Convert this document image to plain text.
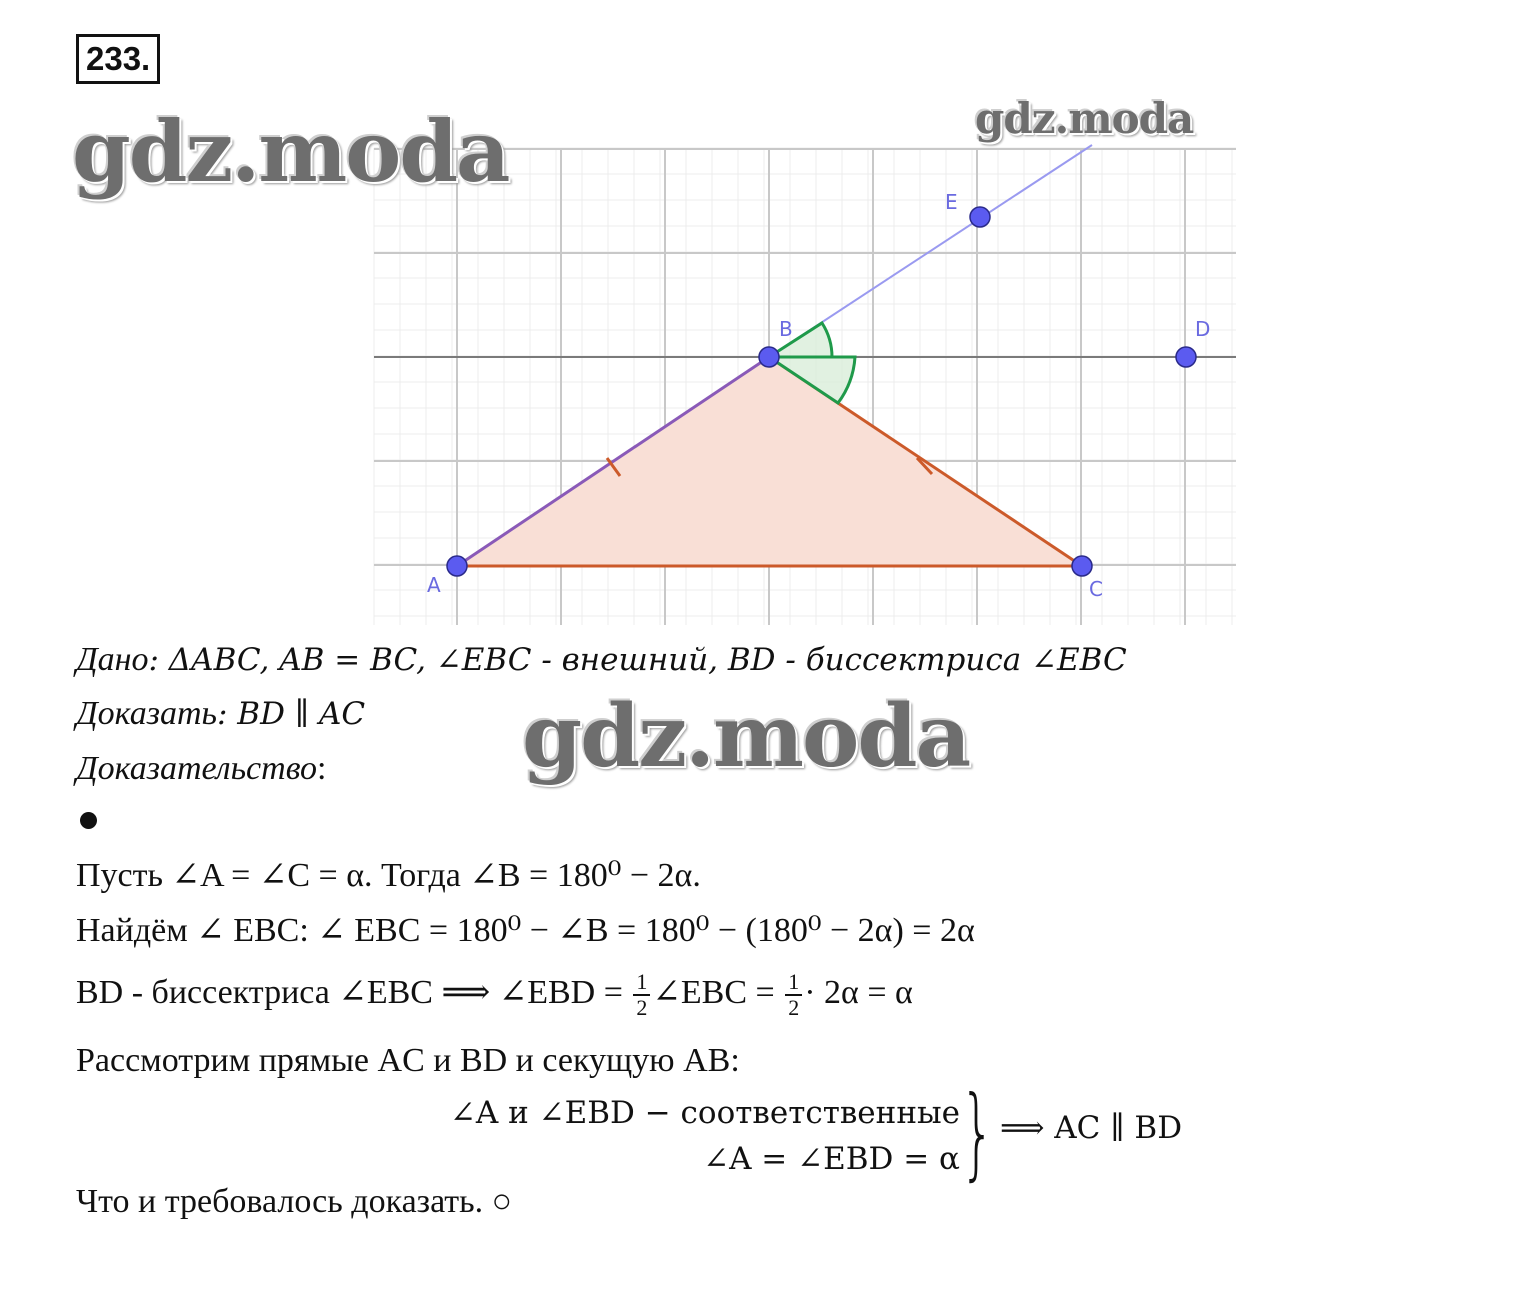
233.
A
B
C
D
E
gdz.moda	gdz.moda
Дано: ΔABC, AB = BC, ∠EBC - внешний, BD - биссектриса ∠EBC
Доказать: BD ∥ AC
Доказательство: gdz.moda
Пусть ∠A = ∠C = α. Тогда ∠B = 180⁰ − 2α.
Найдём ∠ EBC: ∠ EBC = 180⁰ − ∠B = 180⁰ − (180⁰ − 2α) = 2α
BD - биссектриса ∠EBC ⟹ ∠EBD = $\frac{1}{2}$ ∠EBC = $\frac{1}{2} \cdot 2\alpha = \alpha$
Рассмотрим прямые AC и BD и секущую AB:
∠A и ∠EBD − соответственные
∠A = ∠EBD = α } ⟹ AC ∥ BD
Что и требовалось доказать. ○
